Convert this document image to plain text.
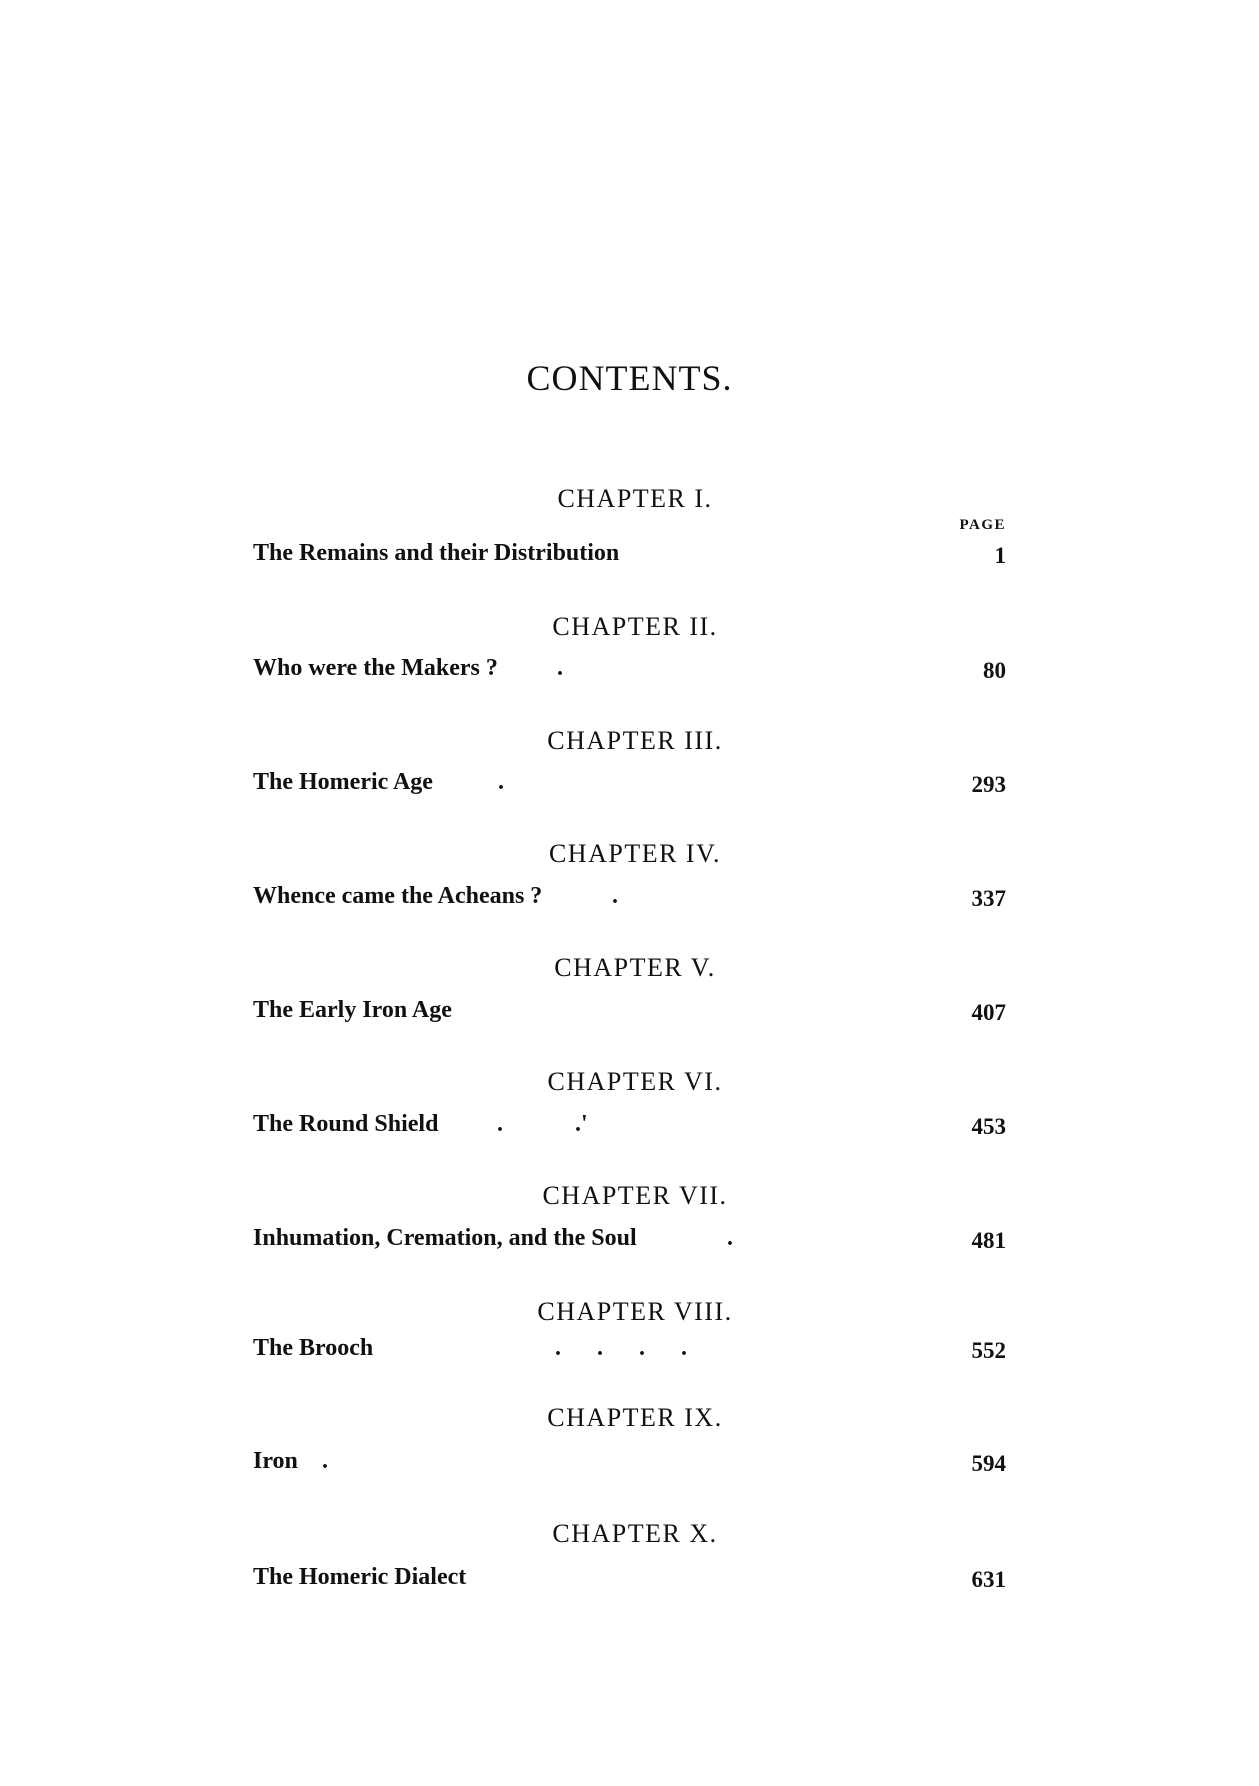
CONTENTS.
PAGE
CHAPTER I.
The Remains and their Distribution	1
CHAPTER II.
Who were the Makers ? .	80
CHAPTER III.
The Homeric Age	.	293
CHAPTER IV.
Whence came the Acheans ?	.	337
CHAPTER V.
The Early Iron Age	407
CHAPTER VI.
The Round Shield .            .'	453
CHAPTER VII.
Inhumation, Cremation, and the Soul	.	481
CHAPTER VIII.
The Brooch	.      .      .      .	552
CHAPTER IX.
Iron .	594
CHAPTER X.
The Homeric Dialect	631
